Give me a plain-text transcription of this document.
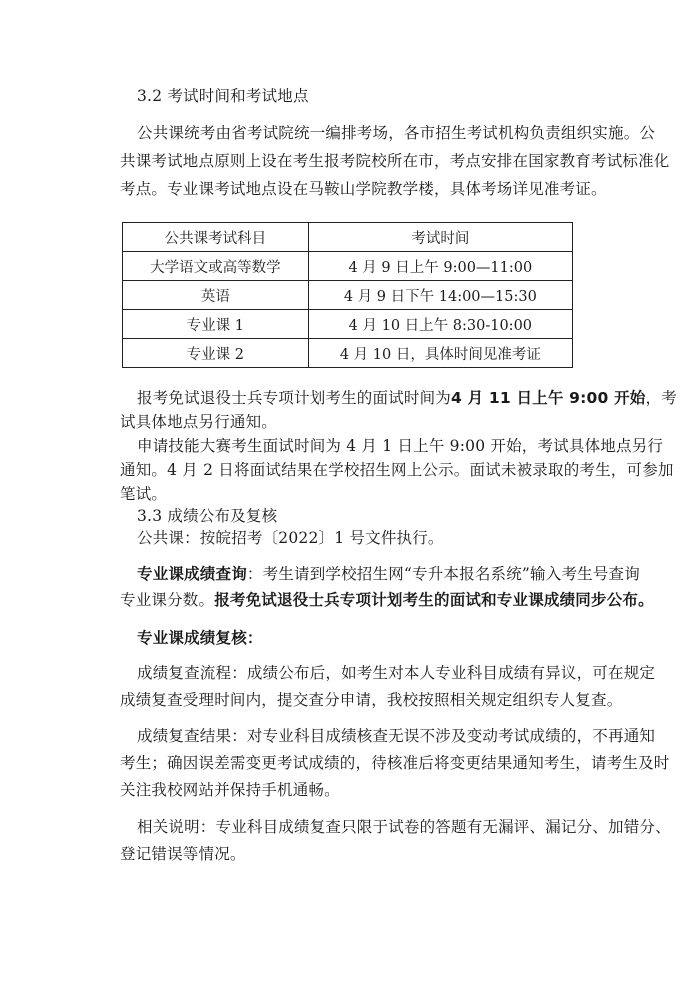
3.2 考试时间和考试地点
公共课统考由省考试院统一编排考场，各市招生考试机构负责组织实施。公
共课考试地点原则上设在考生报考院校所在市，考点安排在国家教育考试标准化
考点。专业课考试地点设在马鞍山学院教学楼，具体考场详见准考证。
公共课考试科目	考试时间
大学语文或高等数学	4 月 9 日上午 9:00—11:00
英语	4 月 9 日下午 14:00—15:30
专业课 1	4 月 10 日上午 8:30-10:00
专业课 2	4 月 10 日，具体时间见准考证
报考免试退役士兵专项计划考生的面试时间为4 月 11 日上午 9:00 开始，考
试具体地点另行通知。
申请技能大赛考生面试时间为 4 月 1 日上午 9:00 开始，考试具体地点另行
通知。4 月 2 日将面试结果在学校招生网上公示。面试未被录取的考生，可参加
笔试。
3.3 成绩公布及复核
公共课：按皖招考〔2022〕1 号文件执行。
专业课成绩查询：考生请到学校招生网“专升本报名系统”输入考生号查询
专业课分数。报考免试退役士兵专项计划考生的面试和专业课成绩同步公布。
专业课成绩复核：
成绩复查流程：成绩公布后，如考生对本人专业科目成绩有异议，可在规定
成绩复查受理时间内，提交查分申请，我校按照相关规定组织专人复查。
成绩复查结果：对专业科目成绩核查无误不涉及变动考试成绩的，不再通知
考生；确因误差需变更考试成绩的，待核准后将变更结果通知考生，请考生及时
关注我校网站并保持手机通畅。
相关说明：专业科目成绩复查只限于试卷的答题有无漏评、漏记分、加错分、
登记错误等情况。
